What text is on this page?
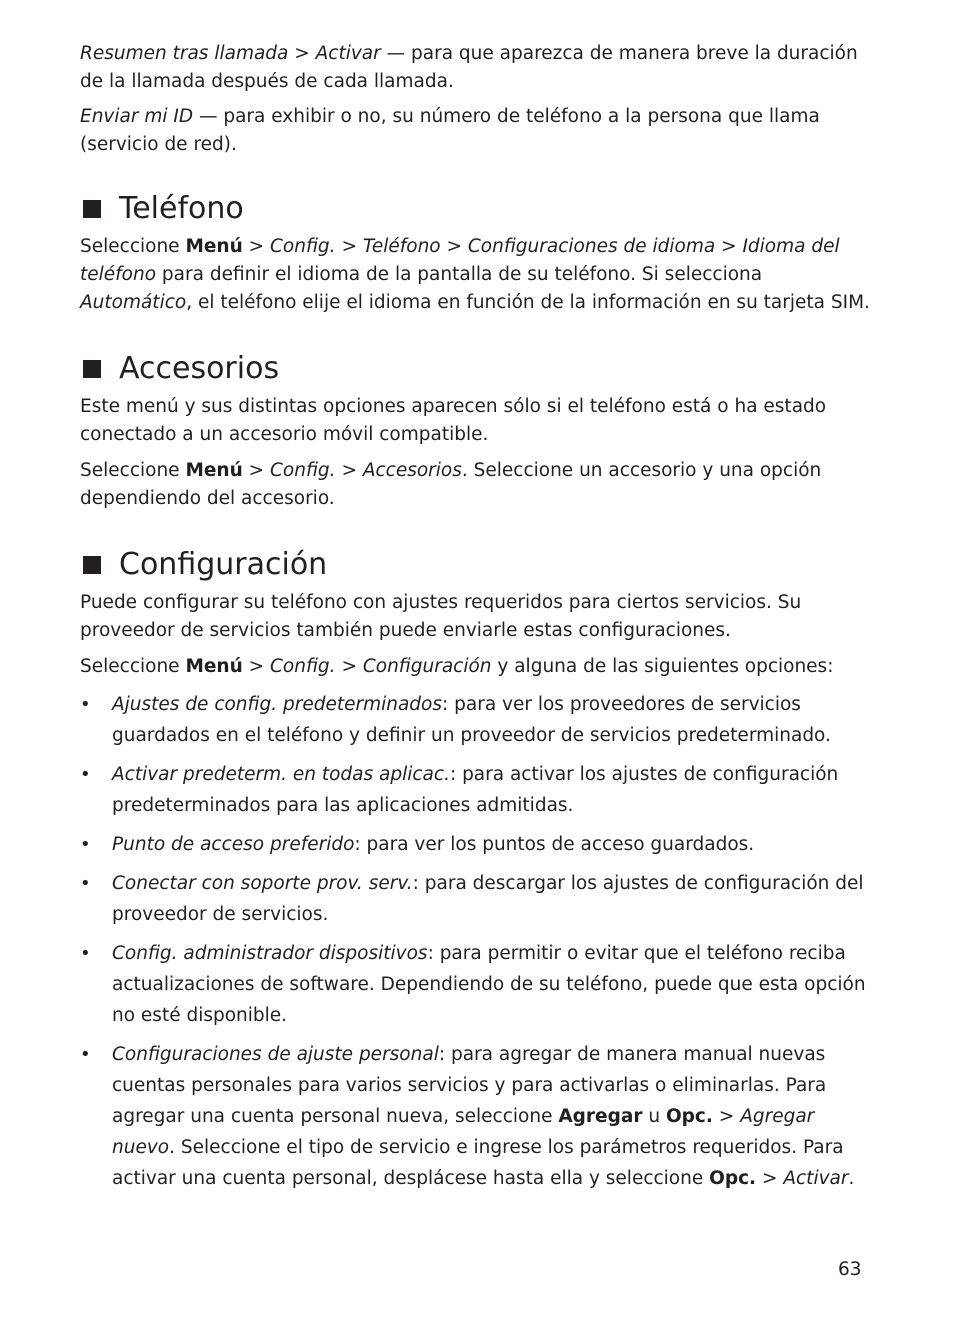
Resumen tras llamada > Activar — para que aparezca de manera breve la duración de la llamada después de cada llamada.

Enviar mi ID — para exhibir o no, su número de teléfono a la persona que llama (servicio de red).

Teléfono

Seleccione Menú > Config. > Teléfono > Configuraciones de idioma > Idioma del teléfono para definir el idioma de la pantalla de su teléfono. Si selecciona Automático, el teléfono elije el idioma en función de la información en su tarjeta SIM.

Accesorios

Este menú y sus distintas opciones aparecen sólo si el teléfono está o ha estado conectado a un accesorio móvil compatible.

Seleccione Menú > Config. > Accesorios. Seleccione un accesorio y una opción dependiendo del accesorio.

Configuración

Puede configurar su teléfono con ajustes requeridos para ciertos servicios. Su proveedor de servicios también puede enviarle estas configuraciones.

Seleccione Menú > Config. > Configuración y alguna de las siguientes opciones:

• Ajustes de config. predeterminados: para ver los proveedores de servicios guardados en el teléfono y definir un proveedor de servicios predeterminado.
• Activar predeterm. en todas aplicac.: para activar los ajustes de configuración predeterminados para las aplicaciones admitidas.
• Punto de acceso preferido: para ver los puntos de acceso guardados.
• Conectar con soporte prov. serv.: para descargar los ajustes de configuración del proveedor de servicios.
• Config. administrador dispositivos: para permitir o evitar que el teléfono reciba actualizaciones de software. Dependiendo de su teléfono, puede que esta opción no esté disponible.
• Configuraciones de ajuste personal: para agregar de manera manual nuevas cuentas personales para varios servicios y para activarlas o eliminarlas. Para agregar una cuenta personal nueva, seleccione Agregar u Opc. > Agregar nuevo. Seleccione el tipo de servicio e ingrese los parámetros requeridos. Para activar una cuenta personal, desplácese hasta ella y seleccione Opc. > Activar.
63
